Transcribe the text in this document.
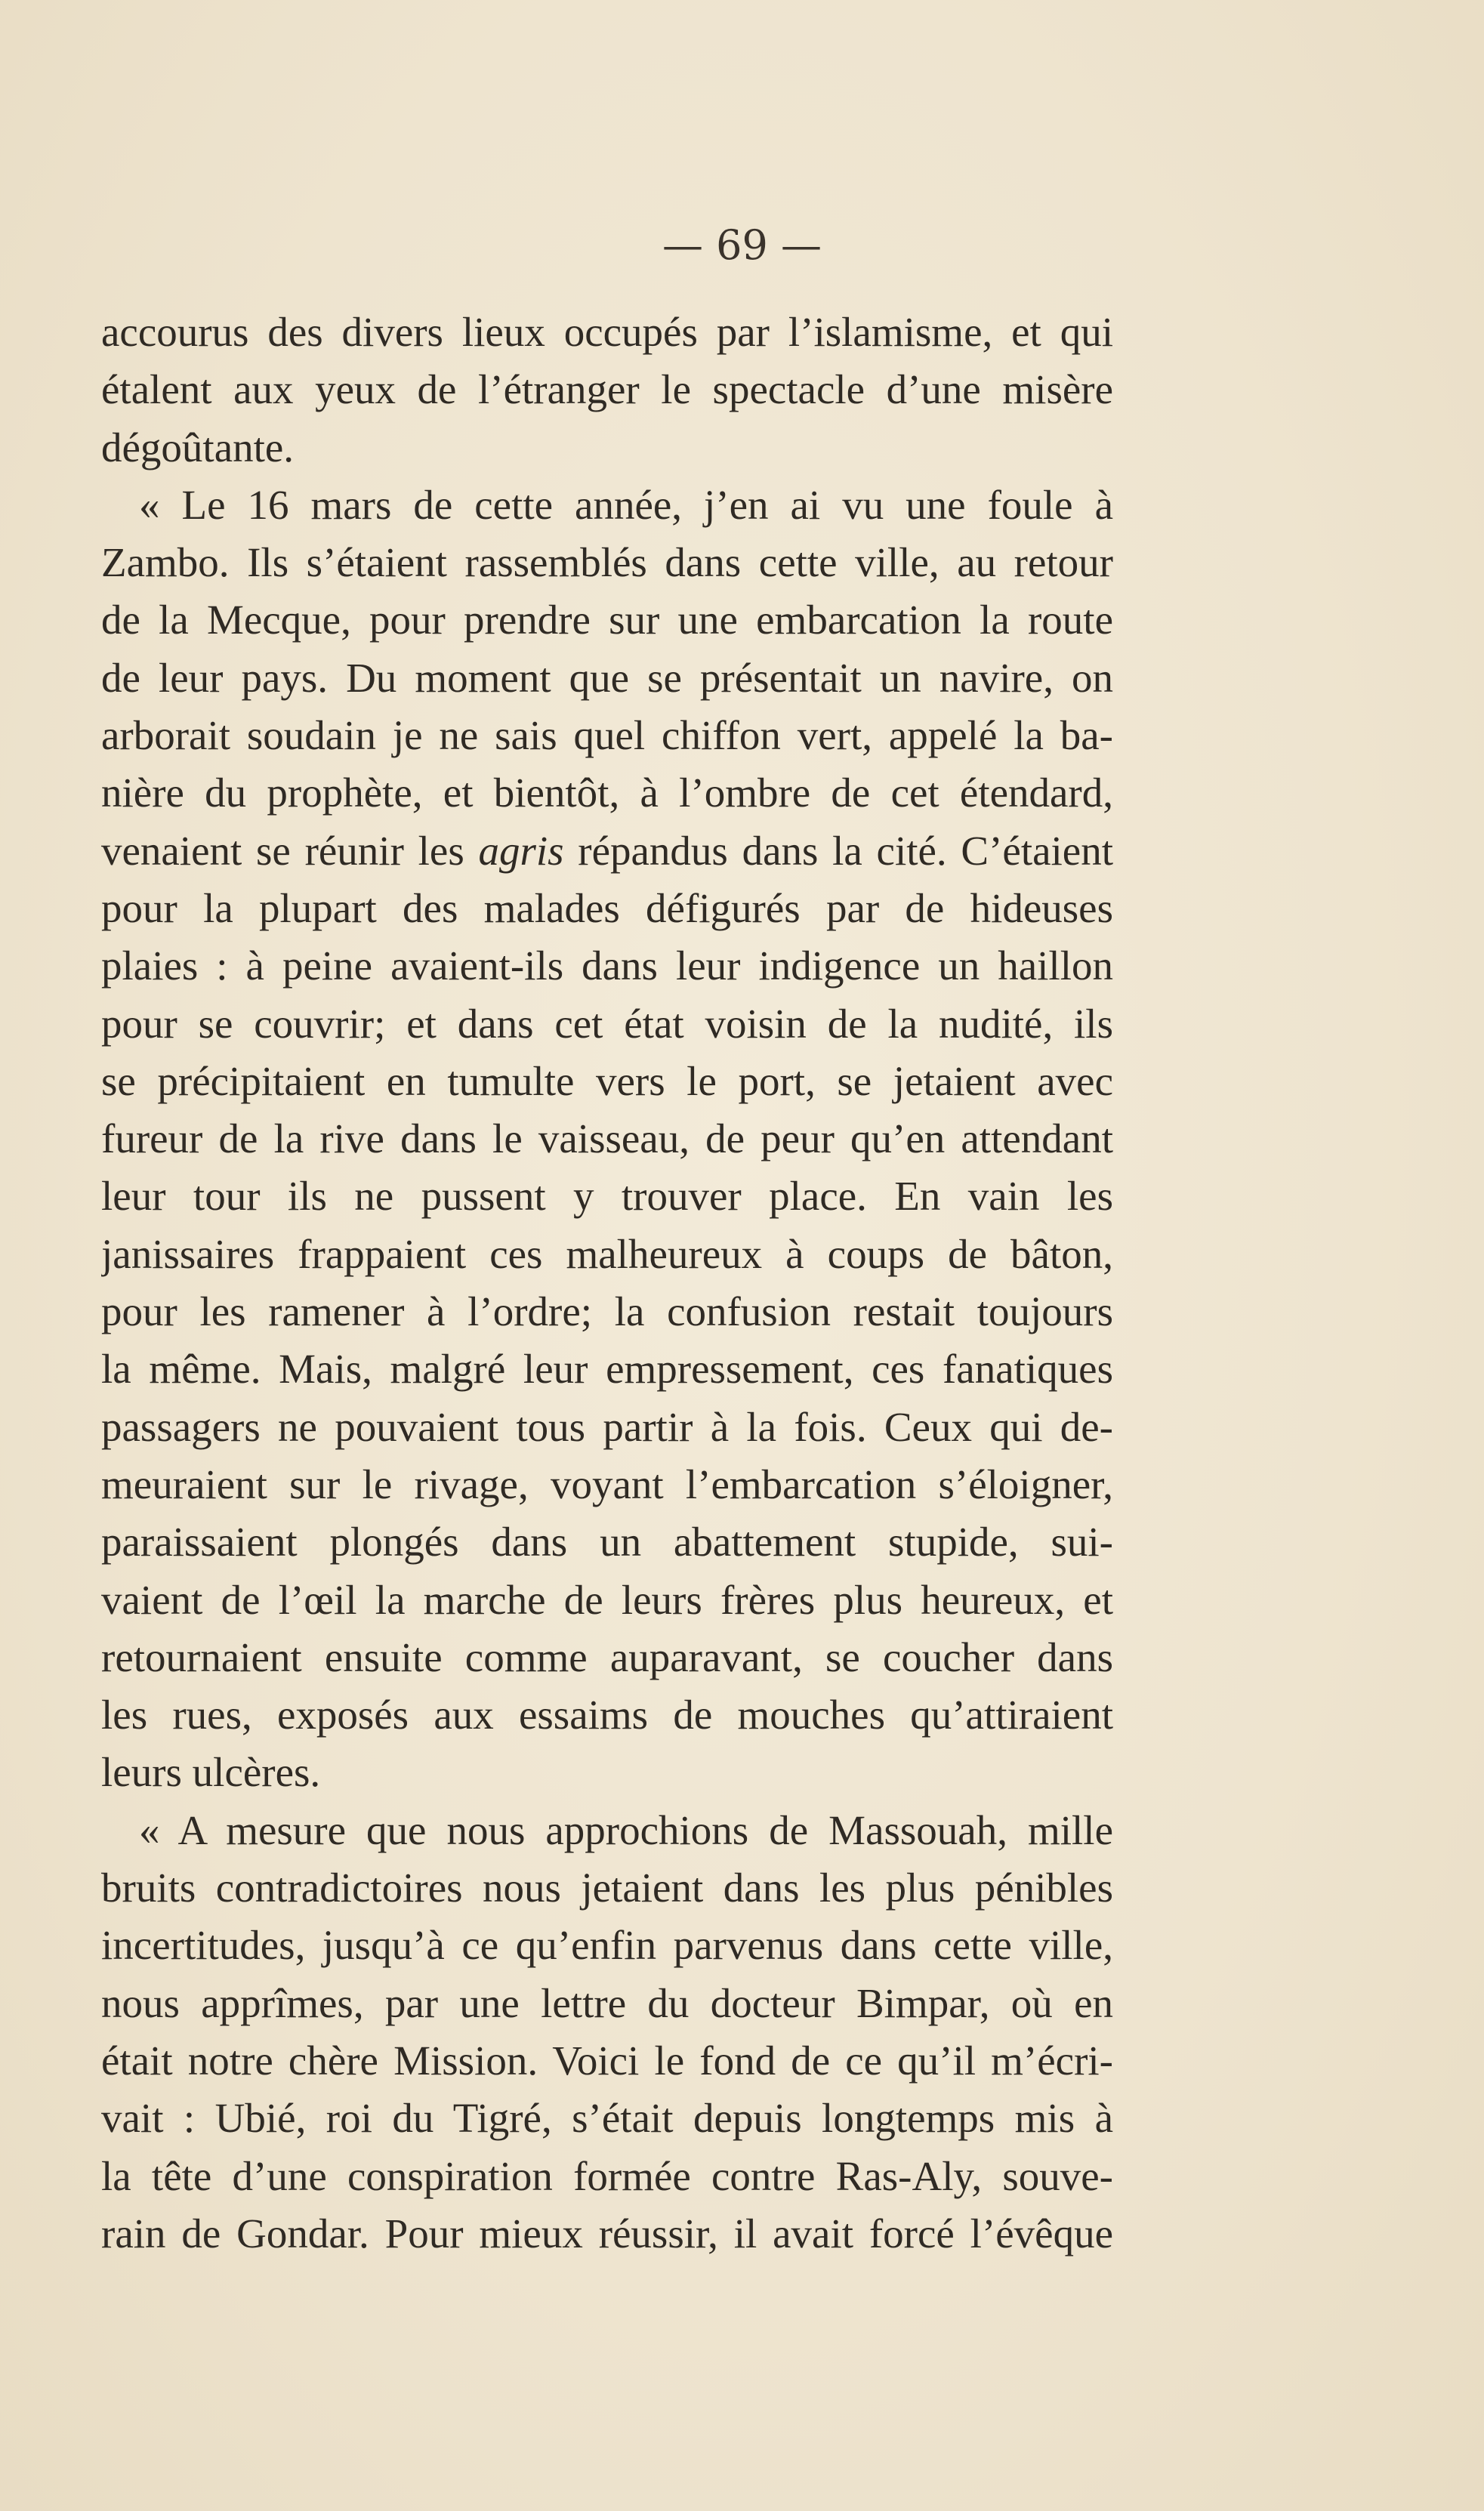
— 69 —
accourus des divers lieux occupés par l’islamisme, et qui
étalent aux yeux de l’étranger le spectacle d’une misère
dégoûtante.
« Le 16 mars de cette année, j’en ai vu une foule à
Zambo. Ils s’étaient rassemblés dans cette ville, au retour
de la Mecque, pour prendre sur une embarcation la route
de leur pays. Du moment que se présentait un navire, on
arborait soudain je ne sais quel chiffon vert, appelé la ba-
nière du prophète, et bientôt, à l’ombre de cet étendard,
venaient se réunir les agris répandus dans la cité. C’étaient
pour la plupart des malades défigurés par de hideuses
plaies : à peine avaient-ils dans leur indigence un haillon
pour se couvrir; et dans cet état voisin de la nudité, ils
se précipitaient en tumulte vers le port, se jetaient avec
fureur de la rive dans le vaisseau, de peur qu’en attendant
leur tour ils ne pussent y trouver place. En vain les
janissaires frappaient ces malheureux à coups de bâton,
pour les ramener à l’ordre; la confusion restait toujours
la même. Mais, malgré leur empressement, ces fanatiques
passagers ne pouvaient tous partir à la fois. Ceux qui de-
meuraient sur le rivage, voyant l’embarcation s’éloigner,
paraissaient plongés dans un abattement stupide, sui-
vaient de l’œil la marche de leurs frères plus heureux, et
retournaient ensuite comme auparavant, se coucher dans
les rues, exposés aux essaims de mouches qu’attiraient
leurs ulcères.
« A mesure que nous approchions de Massouah, mille
bruits contradictoires nous jetaient dans les plus pénibles
incertitudes, jusqu’à ce qu’enfin parvenus dans cette ville,
nous apprîmes, par une lettre du docteur Bimpar, où en
était notre chère Mission. Voici le fond de ce qu’il m’écri-
vait : Ubié, roi du Tigré, s’était depuis longtemps mis à
la tête d’une conspiration formée contre Ras-Aly, souve-
rain de Gondar. Pour mieux réussir, il avait forcé l’évêque
